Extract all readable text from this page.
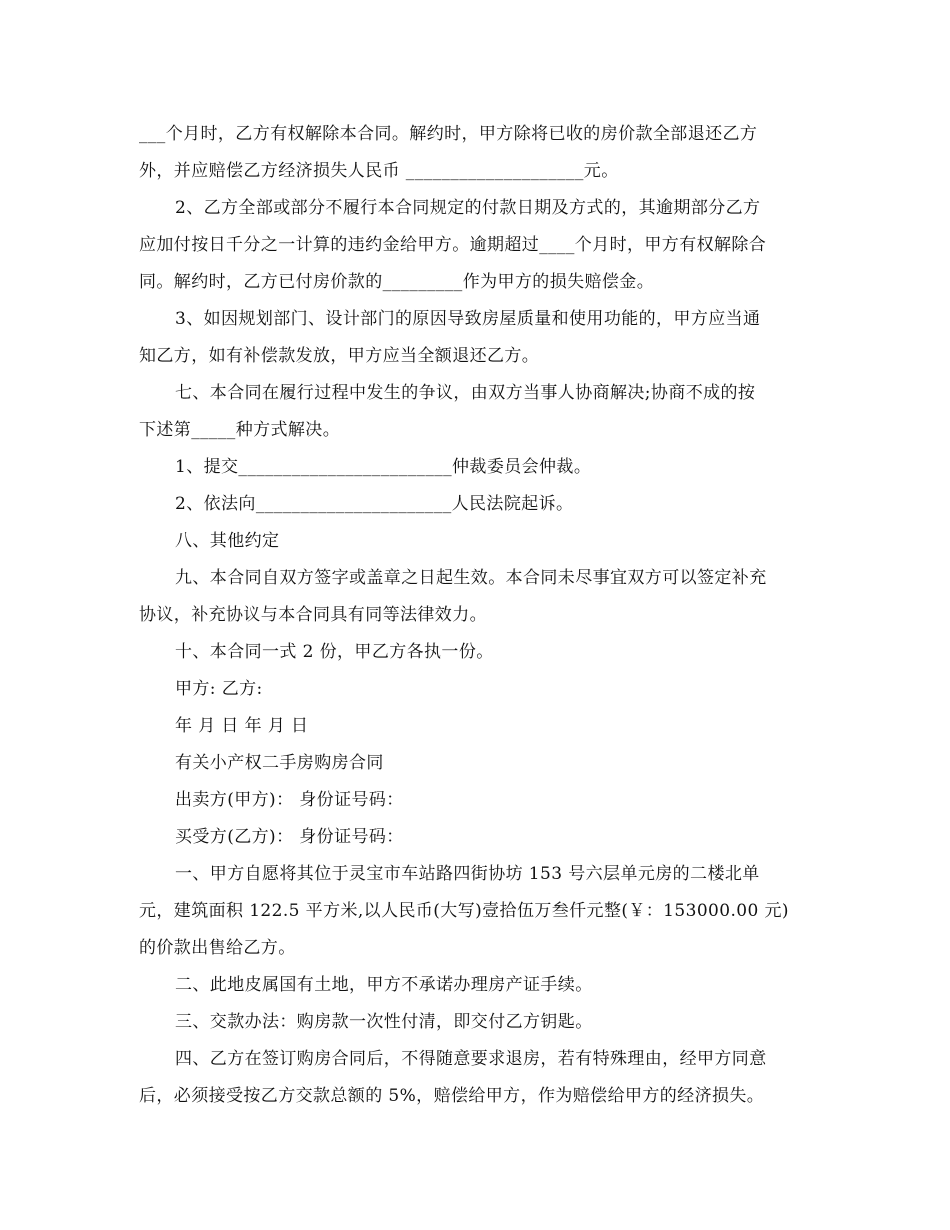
___个月时，乙方有权解除本合同。解约时，甲方除将已收的房价款全部退还乙方
外，并应赔偿乙方经济损失人民币 ____________________元。
2、乙方全部或部分不履行本合同规定的付款日期及方式的，其逾期部分乙方
应加付按日千分之一计算的违约金给甲方。逾期超过____个月时，甲方有权解除合
同。解约时，乙方已付房价款的_________作为甲方的损失赔偿金。
3、如因规划部门、设计部门的原因导致房屋质量和使用功能的，甲方应当通
知乙方，如有补偿款发放，甲方应当全额退还乙方。
七、本合同在履行过程中发生的争议，由双方当事人协商解决;协商不成的按
下述第_____种方式解决。
1、提交________________________仲裁委员会仲裁。
2、依法向______________________人民法院起诉。
八、其他约定
九、本合同自双方签字或盖章之日起生效。本合同未尽事宜双方可以签定补充
协议，补充协议与本合同具有同等法律效力。
十、本合同一式 2 份，甲乙方各执一份。
甲方: 乙方:
年 月 日 年 月 日
有关小产权二手房购房合同
出卖方(甲方)： 身份证号码：
买受方(乙方)： 身份证号码：
一、甲方自愿将其位于灵宝市车站路四街协坊 153 号六层单元房的二楼北单
元，建筑面积 122.5 平方米,以人民币(大写)壹拾伍万叁仟元整(￥：153000.00 元)
的价款出售给乙方。
二、此地皮属国有土地，甲方不承诺办理房产证手续。
三、交款办法：购房款一次性付清，即交付乙方钥匙。
四、乙方在签订购房合同后，不得随意要求退房，若有特殊理由，经甲方同意
后，必须接受按乙方交款总额的 5%，赔偿给甲方，作为赔偿给甲方的经济损失。
